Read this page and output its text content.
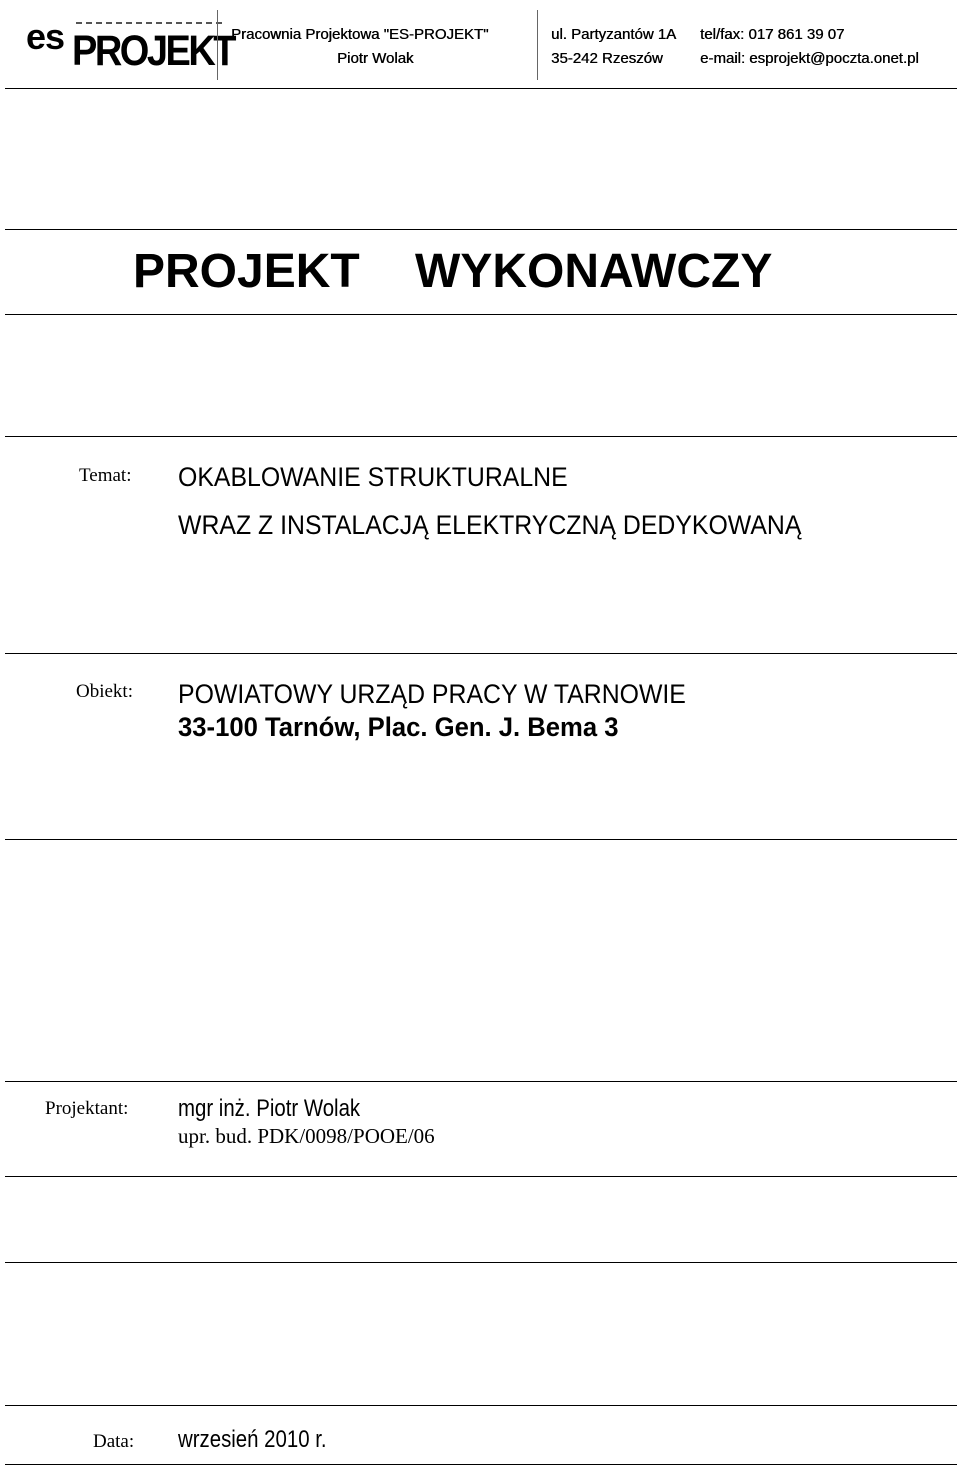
es PROJEKT
Pracownia Projektowa "ES-PROJEKT"
Piotr Wolak
ul. Partyzantów 1A
35-242 Rzeszów
tel/fax: 017 861 39 07
e-mail: esprojekt@poczta.onet.pl
PROJEKT WYKONAWCZY
Temat: OKABLOWANIE STRUKTURALNE
WRAZ Z INSTALACJĄ ELEKTRYCZNĄ DEDYKOWANĄ
Obiekt: POWIATOWY URZĄD PRACY W TARNOWIE
33-100 Tarnów, Plac. Gen. J. Bema 3
Projektant: mgr inż. Piotr Wolak
upr. bud. PDK/0098/POOE/06
Data: wrzesień 2010 r.
